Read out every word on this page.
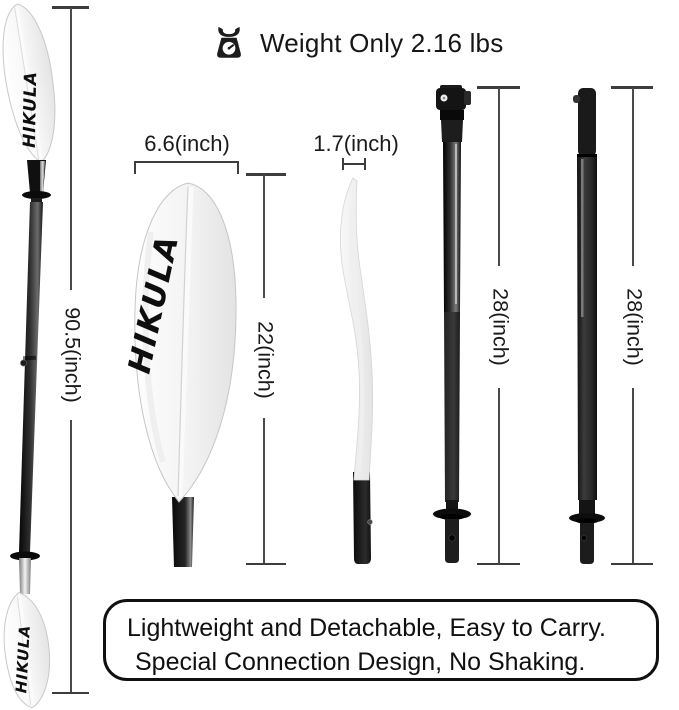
Weight Only 2.16 lbs
HIKULA
HIKULA
90.5(inch) HIKULA
6.6(inch)
22(inch)
1.7(inch)
28(inch)	28(inch)

Lightweight and Detachable, Easy to Carry.

Special Connection Design, No Shaking.
